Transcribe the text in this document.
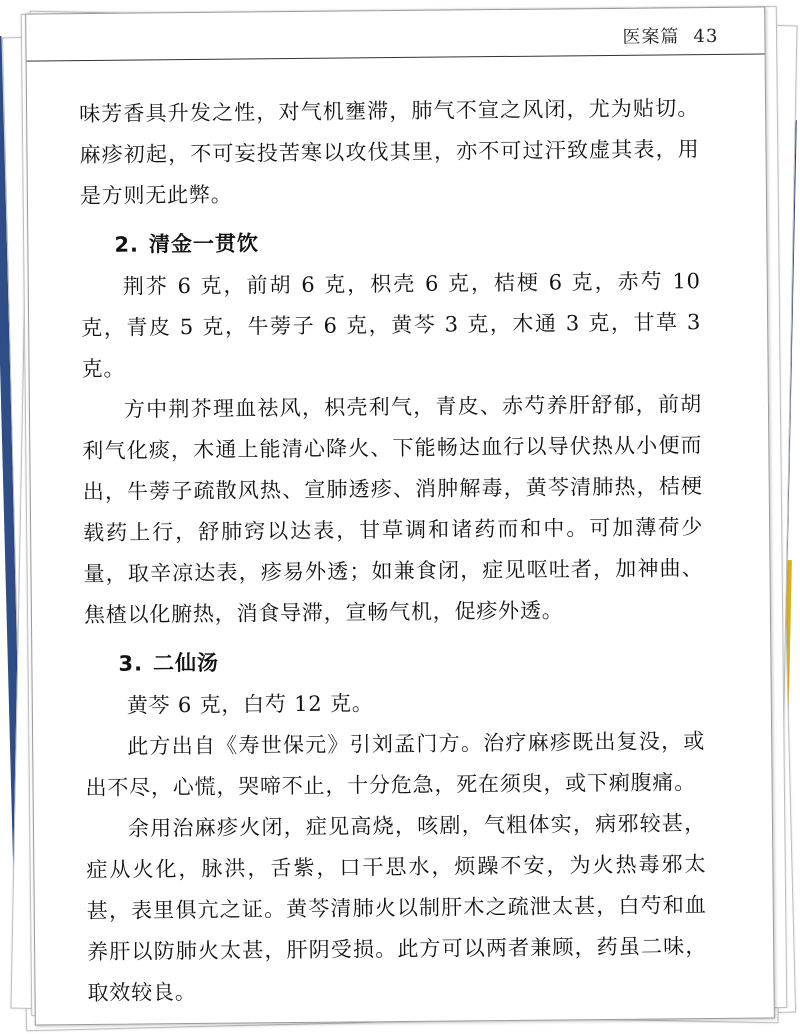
医案篇 43

味芳香具升发之性，对气机壅滞，肺气不宣之风闭，尤为贴切。麻疹初起，不可妄投苦寒以攻伐其里，亦不可过汗致虚其表，用是方则无此弊。

2. 清金一贯饮

荆芥 6 克，前胡 6 克，枳壳 6 克，桔梗 6 克，赤芍 10 克，青皮 5 克，牛蒡子 6 克，黄芩 3 克，木通 3 克，甘草 3 克。

方中荆芥理血祛风，枳壳利气，青皮、赤芍养肝舒郁，前胡利气化痰，木通上能清心降火、下能畅达血行以导伏热从小便而出，牛蒡子疏散风热、宣肺透疹、消肿解毒，黄芩清肺热，桔梗载药上行，舒肺窍以达表，甘草调和诸药而和中。可加薄荷少量，取辛凉达表，疹易外透；如兼食闭，症见呕吐者，加神曲、焦楂以化腑热，消食导滞，宣畅气机，促疹外透。

3. 二仙汤

黄芩 6 克，白芍 12 克。

此方出自《寿世保元》引刘孟门方。治疗麻疹既出复没，或出不尽，心慌，哭啼不止，十分危急，死在须臾，或下痢腹痛。

余用治麻疹火闭，症见高烧，咳剧，气粗体实，病邪较甚，症从火化，脉洪，舌紫，口干思水，烦躁不安，为火热毒邪太甚，表里俱亢之证。黄芩清肺火以制肝木之疏泄太甚，白芍和血养肝以防肺火太甚，肝阴受损。此方可以两者兼顾，药虽二味，取效较良。
